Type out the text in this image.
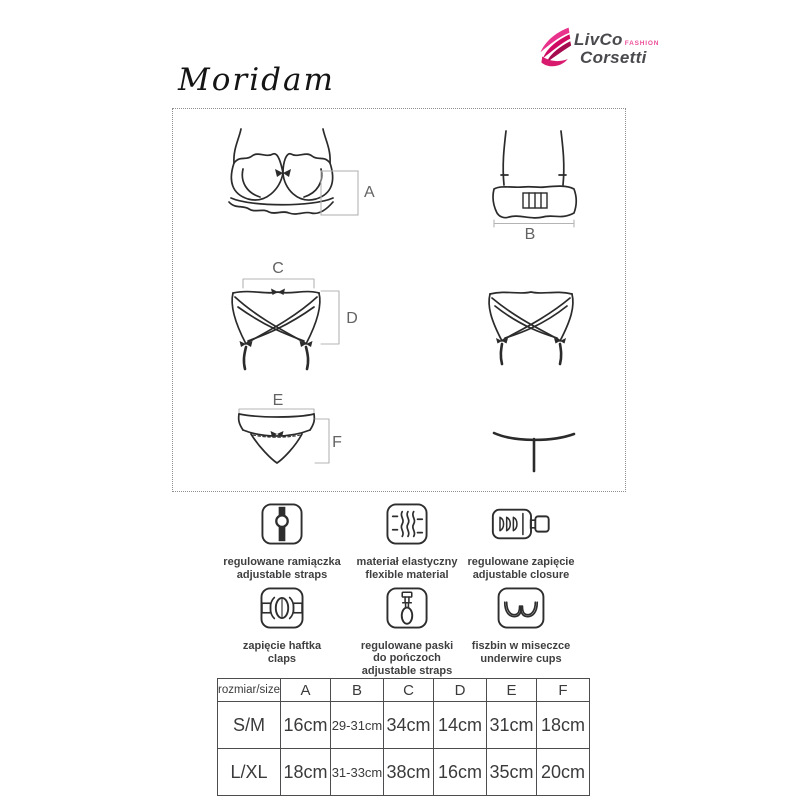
LivCo FASHION
Corsetti
Moridam
A
B
C
D
E
F
regulowane ramiączka
adjustable straps
materiał elastyczny
flexible material
regulowane zapięcie
adjustable closure
zapięcie haftka
claps
regulowane paski do pończoch
adjustable straps
fiszbin w miseczce
underwire cups
rozmiar/size	A	B	C	D	E	F
S/M	16cm	29-31cm	34cm	14cm	31cm	18cm
L/XL	18cm	31-33cm	38cm	16cm	35cm	20cm
